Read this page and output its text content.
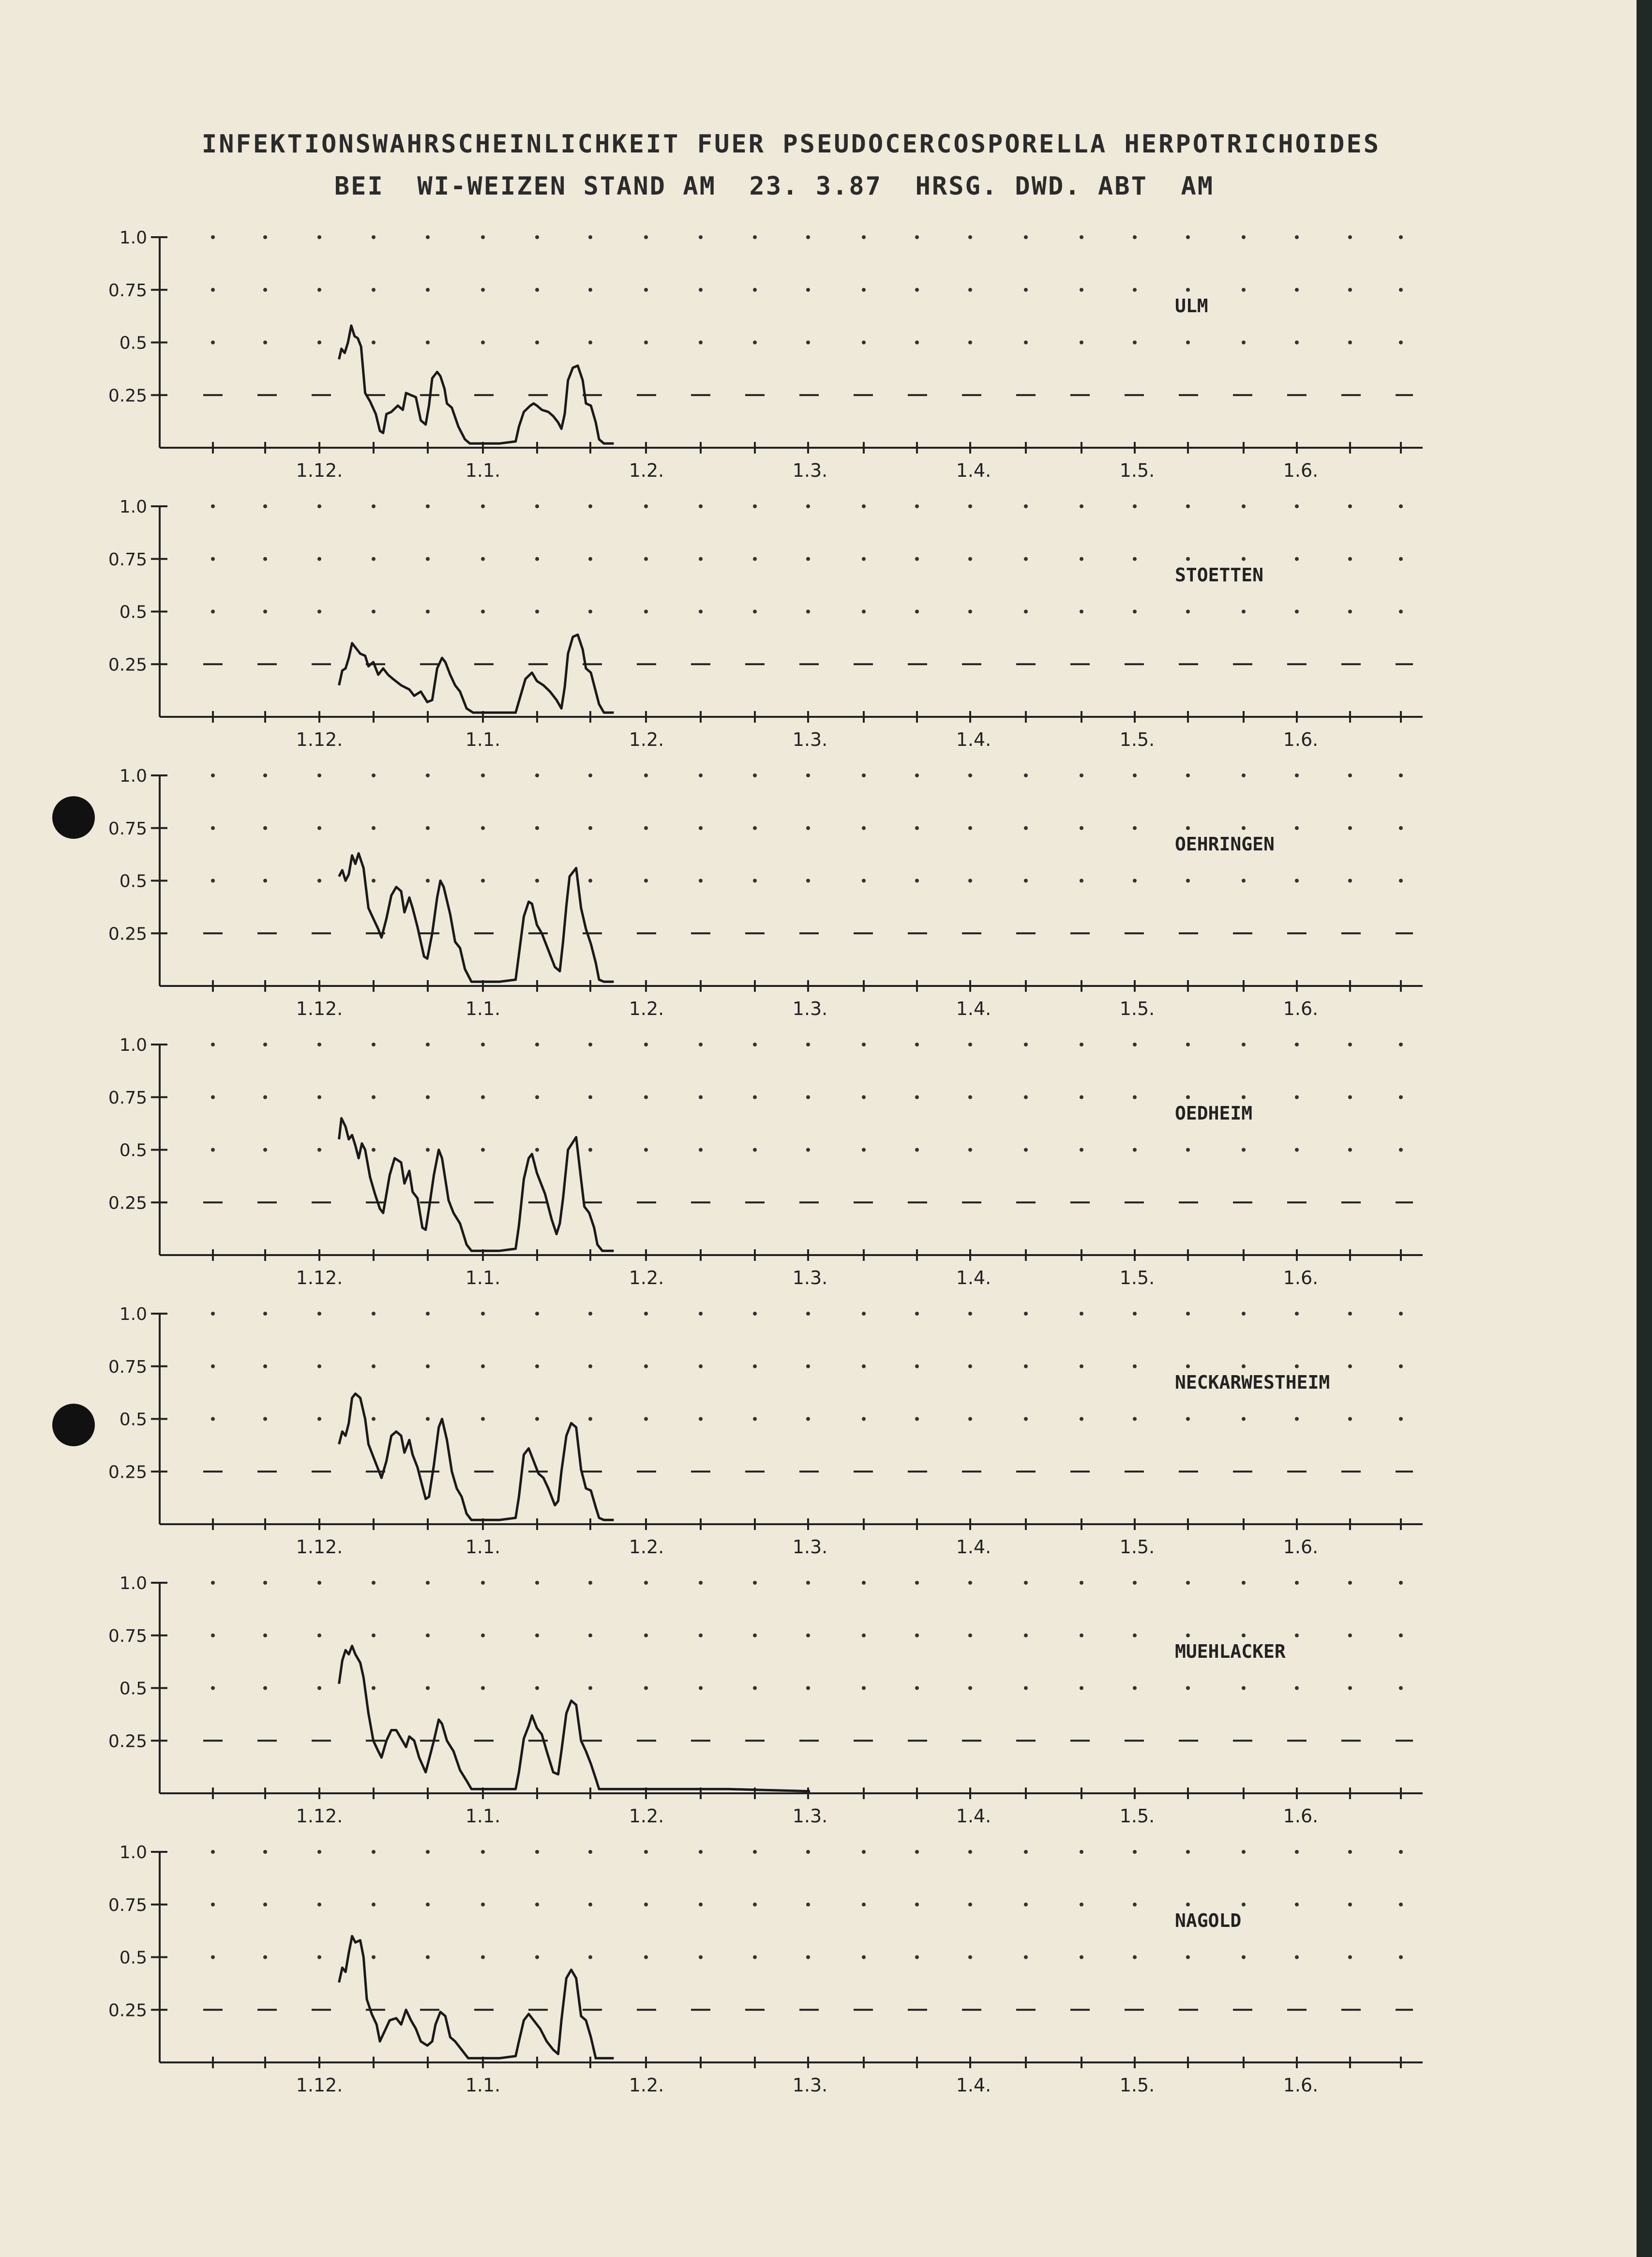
INFEKTIONSWAHRSCHEINLICHKEIT FUER PSEUDOCERCOSPORELLA HERPOTRICHOIDES
BEI  WI-WEIZEN STAND AM  23. 3.87  HRSG. DWD. ABT  AM
1.0
0.75
0.5
0.25
1.12.	1.1.	1.2.	1.3.	1.4.	1.5.	1.6.
ULM
1.0
0.75
0.5
0.25
1.12.	1.1.	1.2.	1.3.	1.4.	1.5.	1.6.
STOETTEN
1.0
0.75
0.5
0.25
1.12.	1.1.	1.2.	1.3.	1.4.	1.5.	1.6.
OEHRINGEN
1.0
0.75
0.5
0.25
1.12.	1.1.	1.2.	1.3.	1.4.	1.5.	1.6.
OEDHEIM
1.0
0.75
0.5
0.25
1.12.	1.1.	1.2.	1.3.	1.4.	1.5.	1.6.
NECKARWESTHEIM
1.0
0.75
0.5
0.25
1.12.	1.1.	1.2.	1.3.	1.4.	1.5.	1.6.
MUEHLACKER
1.0
0.75
0.5
0.25
1.12.	1.1.	1.2.	1.3.	1.4.	1.5.	1.6.
NAGOLD
